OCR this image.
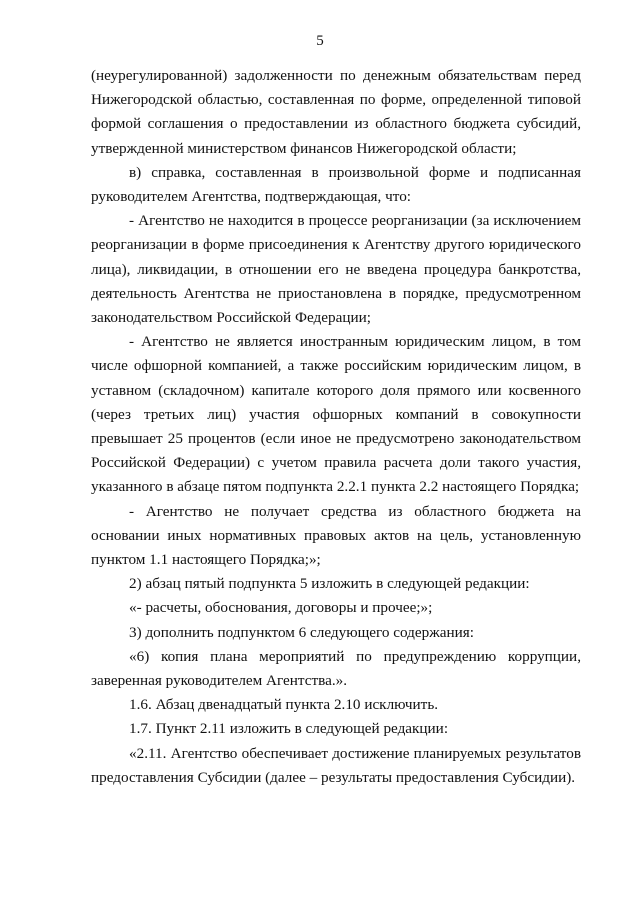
5

(неурегулированной) задолженности по денежным обязательствам перед Нижегородской областью, составленная по форме, определенной типовой формой соглашения о предоставлении из областного бюджета субсидий, утвержденной министерством финансов Нижегородской области;

в) справка, составленная в произвольной форме и подписанная руководителем Агентства, подтверждающая, что:

- Агентство не находится в процессе реорганизации (за исключением реорганизации в форме присоединения к Агентству другого юридического лица), ликвидации, в отношении его не введена процедура банкротства, деятельность Агентства не приостановлена в порядке, предусмотренном законодательством Российской Федерации;

- Агентство не является иностранным юридическим лицом, в том числе офшорной компанией, а также российским юридическим лицом, в уставном (складочном) капитале которого доля прямого или косвенного (через третьих лиц) участия офшорных компаний в совокупности превышает 25 процентов (если иное не предусмотрено законодательством Российской Федерации) с учетом правила расчета доли такого участия, указанного в абзаце пятом подпункта 2.2.1 пункта 2.2 настоящего Порядка;

- Агентство не получает средства из областного бюджета на основании иных нормативных правовых актов на цель, установленную пунктом 1.1 настоящего Порядка;»;

2) абзац пятый подпункта 5 изложить в следующей редакции:

«- расчеты, обоснования, договоры и прочее;»;

3) дополнить подпунктом 6 следующего содержания:

«6) копия плана мероприятий по предупреждению коррупции, заверенная руководителем Агентства.».

1.6. Абзац двенадцатый пункта 2.10 исключить.

1.7. Пункт 2.11 изложить в следующей редакции:

«2.11. Агентство обеспечивает достижение планируемых результатов предоставления Субсидии (далее – результаты предоставления Субсидии).
